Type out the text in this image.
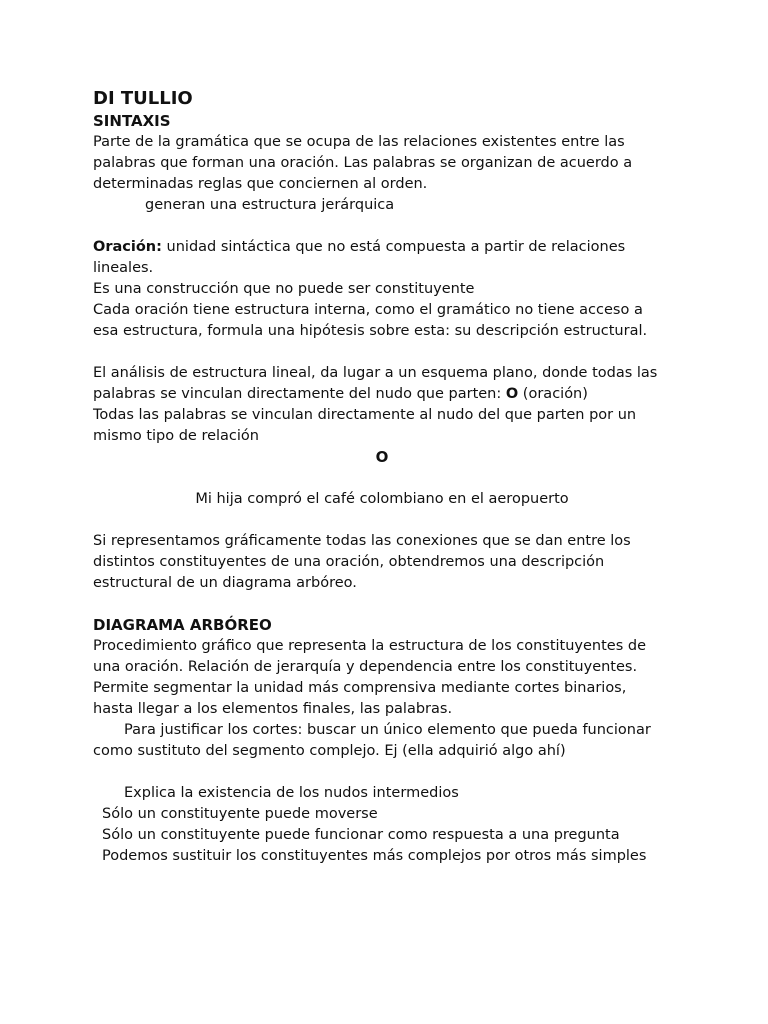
DI TULLIO
SINTAXIS
Parte de la gramática que se ocupa de las relaciones existentes entre las
palabras que forman una oración. Las palabras se organizan de acuerdo a
determinadas reglas que conciernen al orden.
generan una estructura jerárquica
Oración: unidad sintáctica que no está compuesta a partir de relaciones
lineales.
Es una construcción que no puede ser constituyente
Cada oración tiene estructura interna, como el gramático no tiene acceso a
esa estructura, formula una hipótesis sobre esta: su descripción estructural.
El análisis de estructura lineal, da lugar a un esquema plano, donde todas las
palabras se vinculan directamente del nudo que parten: O (oración)
Todas las palabras se vinculan directamente al nudo del que parten por un
mismo tipo de relación
O
Mi hija compró el café colombiano en el aeropuerto
Si representamos gráficamente todas las conexiones que se dan entre los
distintos constituyentes de una oración, obtendremos una descripción
estructural de un diagrama arbóreo.
DIAGRAMA ARBÓREO
Procedimiento gráfico que representa la estructura de los constituyentes de
una oración. Relación de jerarquía y dependencia entre los constituyentes.
Permite segmentar la unidad más comprensiva mediante cortes binarios,
hasta llegar a los elementos finales, las palabras.
Para justificar los cortes: buscar un único elemento que pueda funcionar
como sustituto del segmento complejo. Ej (ella adquirió algo ahí)
Explica la existencia de los nudos intermedios
Sólo un constituyente puede moverse
Sólo un constituyente puede funcionar como respuesta a una pregunta
Podemos sustituir los constituyentes más complejos por otros más simples
